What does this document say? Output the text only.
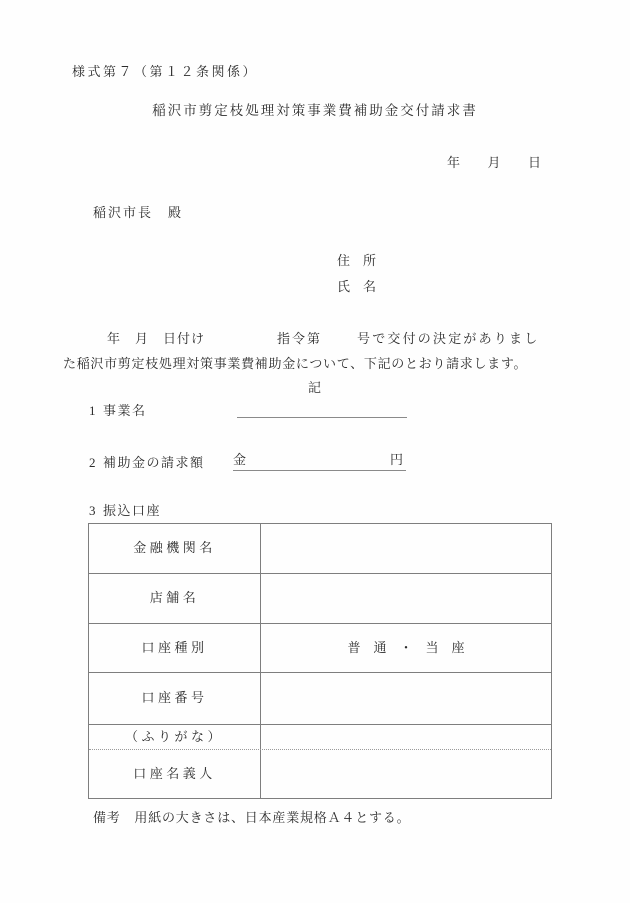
様式第７（第１２条関係）
稲沢市剪定枝処理対策事業費補助金交付請求書
年　　月　　日
稲沢市長　殿
住　所
氏　名
年 月 日付け	指令第	号で交付の決定がありまし
た稲沢市剪定枝処理対策事業費補助金について、下記のとおり請求します。
記
1 事業名
2 補助金の請求額 金	円
3 振込口座
金融機関名
店舗名
口座種別	普　通　・　当　座
口座番号
（ふりがな）
口座名義人
備考　用紙の大きさは、日本産業規格Ａ４とする。
